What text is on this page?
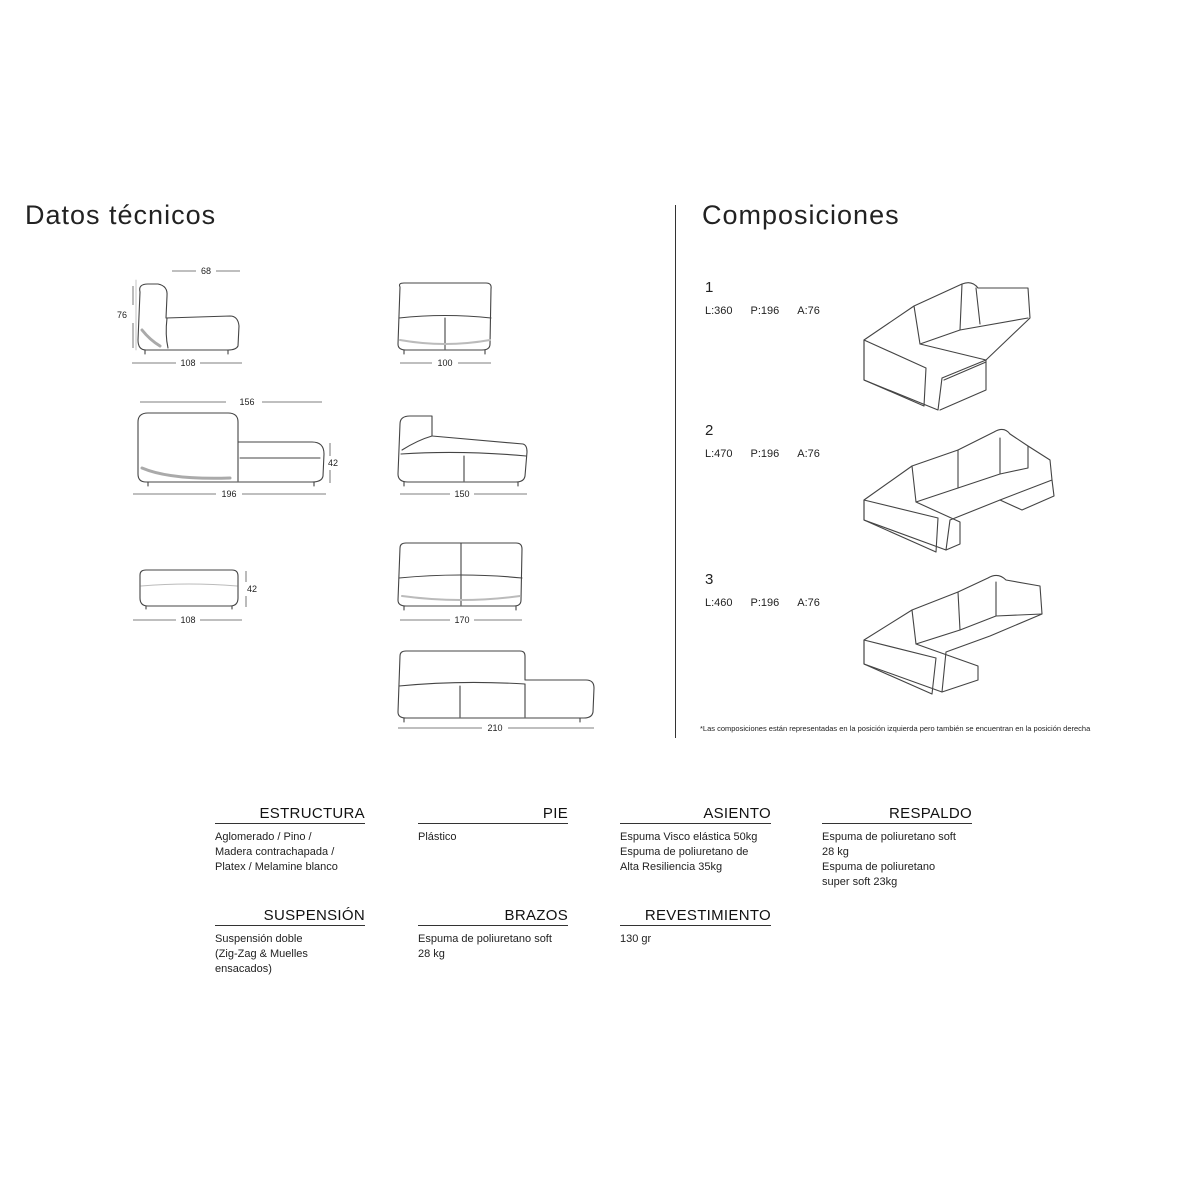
Datos técnicos	Composiciones
68
76
108	100
156
42
196	150
42
108	170
210
1
L:360 P:196 A:76
2
L:470 P:196 A:76
3
L:460 P:196 A:76
*Las composiciones están representadas en la posición izquierda pero también se encuentran en la posición derecha
ESTRUCTURA
Aglomerado / Pino /
Madera contrachapada /
Platex / Melamine blanco
PIE
Plástico
ASIENTO
Espuma Visco elástica 50kg
Espuma de poliuretano de
Alta Resiliencia 35kg
RESPALDO
Espuma de poliuretano soft
28 kg
Espuma de poliuretano
super soft 23kg
SUSPENSIÓN
Suspensión doble
(Zig-Zag & Muelles ensacados)
BRAZOS
Espuma de poliuretano soft
28 kg
REVESTIMIENTO
130 gr
